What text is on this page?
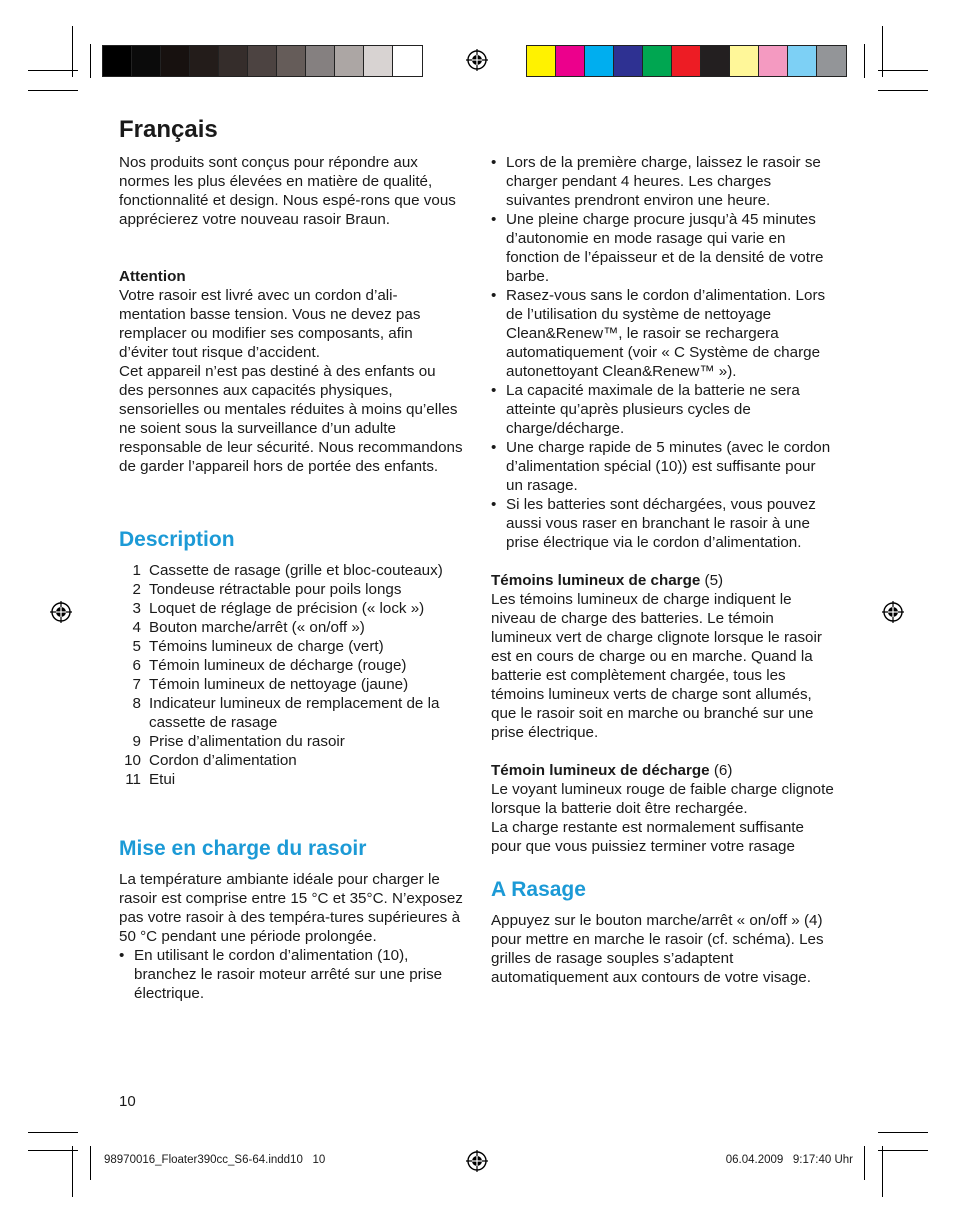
Français

Nos produits sont conçus pour répondre aux normes les plus élevées en matière de qualité, fonctionnalité et design. Nous espé-rons que vous apprécierez votre nouveau rasoir Braun.

Attention

Votre rasoir est livré avec un cordon d’ali-mentation basse tension. Vous ne devez pas remplacer ou modifier ses composants, afin d’éviter tout risque d’accident.

Cet appareil n’est pas destiné à des enfants ou des personnes aux capacités physiques, sensorielles ou mentales réduites à moins qu’elles ne soient sous la surveillance d’un adulte responsable de leur sécurité. Nous recommandons de garder l’appareil hors de portée des enfants.

Description
1 Cassette de rasage (grille et bloc-couteaux)
2 Tondeuse rétractable pour poils longs
3 Loquet de réglage de précision (« lock »)
4 Bouton marche/arrêt (« on/off »)
5 Témoins lumineux de charge (vert)
6 Témoin lumineux de décharge (rouge)
7 Témoin lumineux de nettoyage (jaune)
8 Indicateur lumineux de remplacement de la cassette de rasage
9 Prise d’alimentation du rasoir
10 Cordon d’alimentation
11 Etui
Mise en charge du rasoir

La température ambiante idéale pour charger le rasoir est comprise entre 15 °C et 35°C. N’exposez pas votre rasoir à des tempéra-tures supérieures à 50 °C pendant une période prolongée.

• En utilisant le cordon d’alimentation (10), branchez le rasoir moteur arrêté sur une prise électrique.

10

• Lors de la première charge, laissez le rasoir se charger pendant 4 heures. Les charges suivantes prendront environ une heure.
• Une pleine charge procure jusqu’à 45 minutes d’autonomie en mode rasage qui varie en fonction de l’épaisseur et de la densité de votre barbe.
• Rasez-vous sans le cordon d’alimentation. Lors de l’utilisation du système de nettoyage Clean&Renew™, le rasoir se rechargera automatiquement (voir « C Système de charge autonettoyant Clean&Renew™ »).
• La capacité maximale de la batterie ne sera atteinte qu’après plusieurs cycles de charge/décharge.
• Une charge rapide de 5 minutes (avec le cordon d’alimentation spécial (10)) est suffisante pour un rasage.
• Si les batteries sont déchargées, vous pouvez aussi vous raser en branchant le rasoir à une prise électrique via le cordon d’alimentation.

Témoins lumineux de charge (5)

Les témoins lumineux de charge indiquent le niveau de charge des batteries. Le témoin lumineux vert de charge clignote lorsque le rasoir est en cours de charge ou en marche. Quand la batterie est complètement chargée, tous les témoins lumineux verts de charge sont allumés, que le rasoir soit en marche ou branché sur une prise électrique.

Témoin lumineux de décharge (6)

Le voyant lumineux rouge de faible charge clignote lorsque la batterie doit être rechargée.

La charge restante est normalement suffisante pour que vous puissiez terminer votre rasage

A Rasage

Appuyez sur le bouton marche/arrêt « on/off » (4) pour mettre en marche le rasoir (cf. schéma). Les grilles de rasage souples s’adaptent automatiquement aux contours de votre visage.

98970016_Floater390cc_S6-64.indd10   10	06.04.2009   9:17:40 Uhr
